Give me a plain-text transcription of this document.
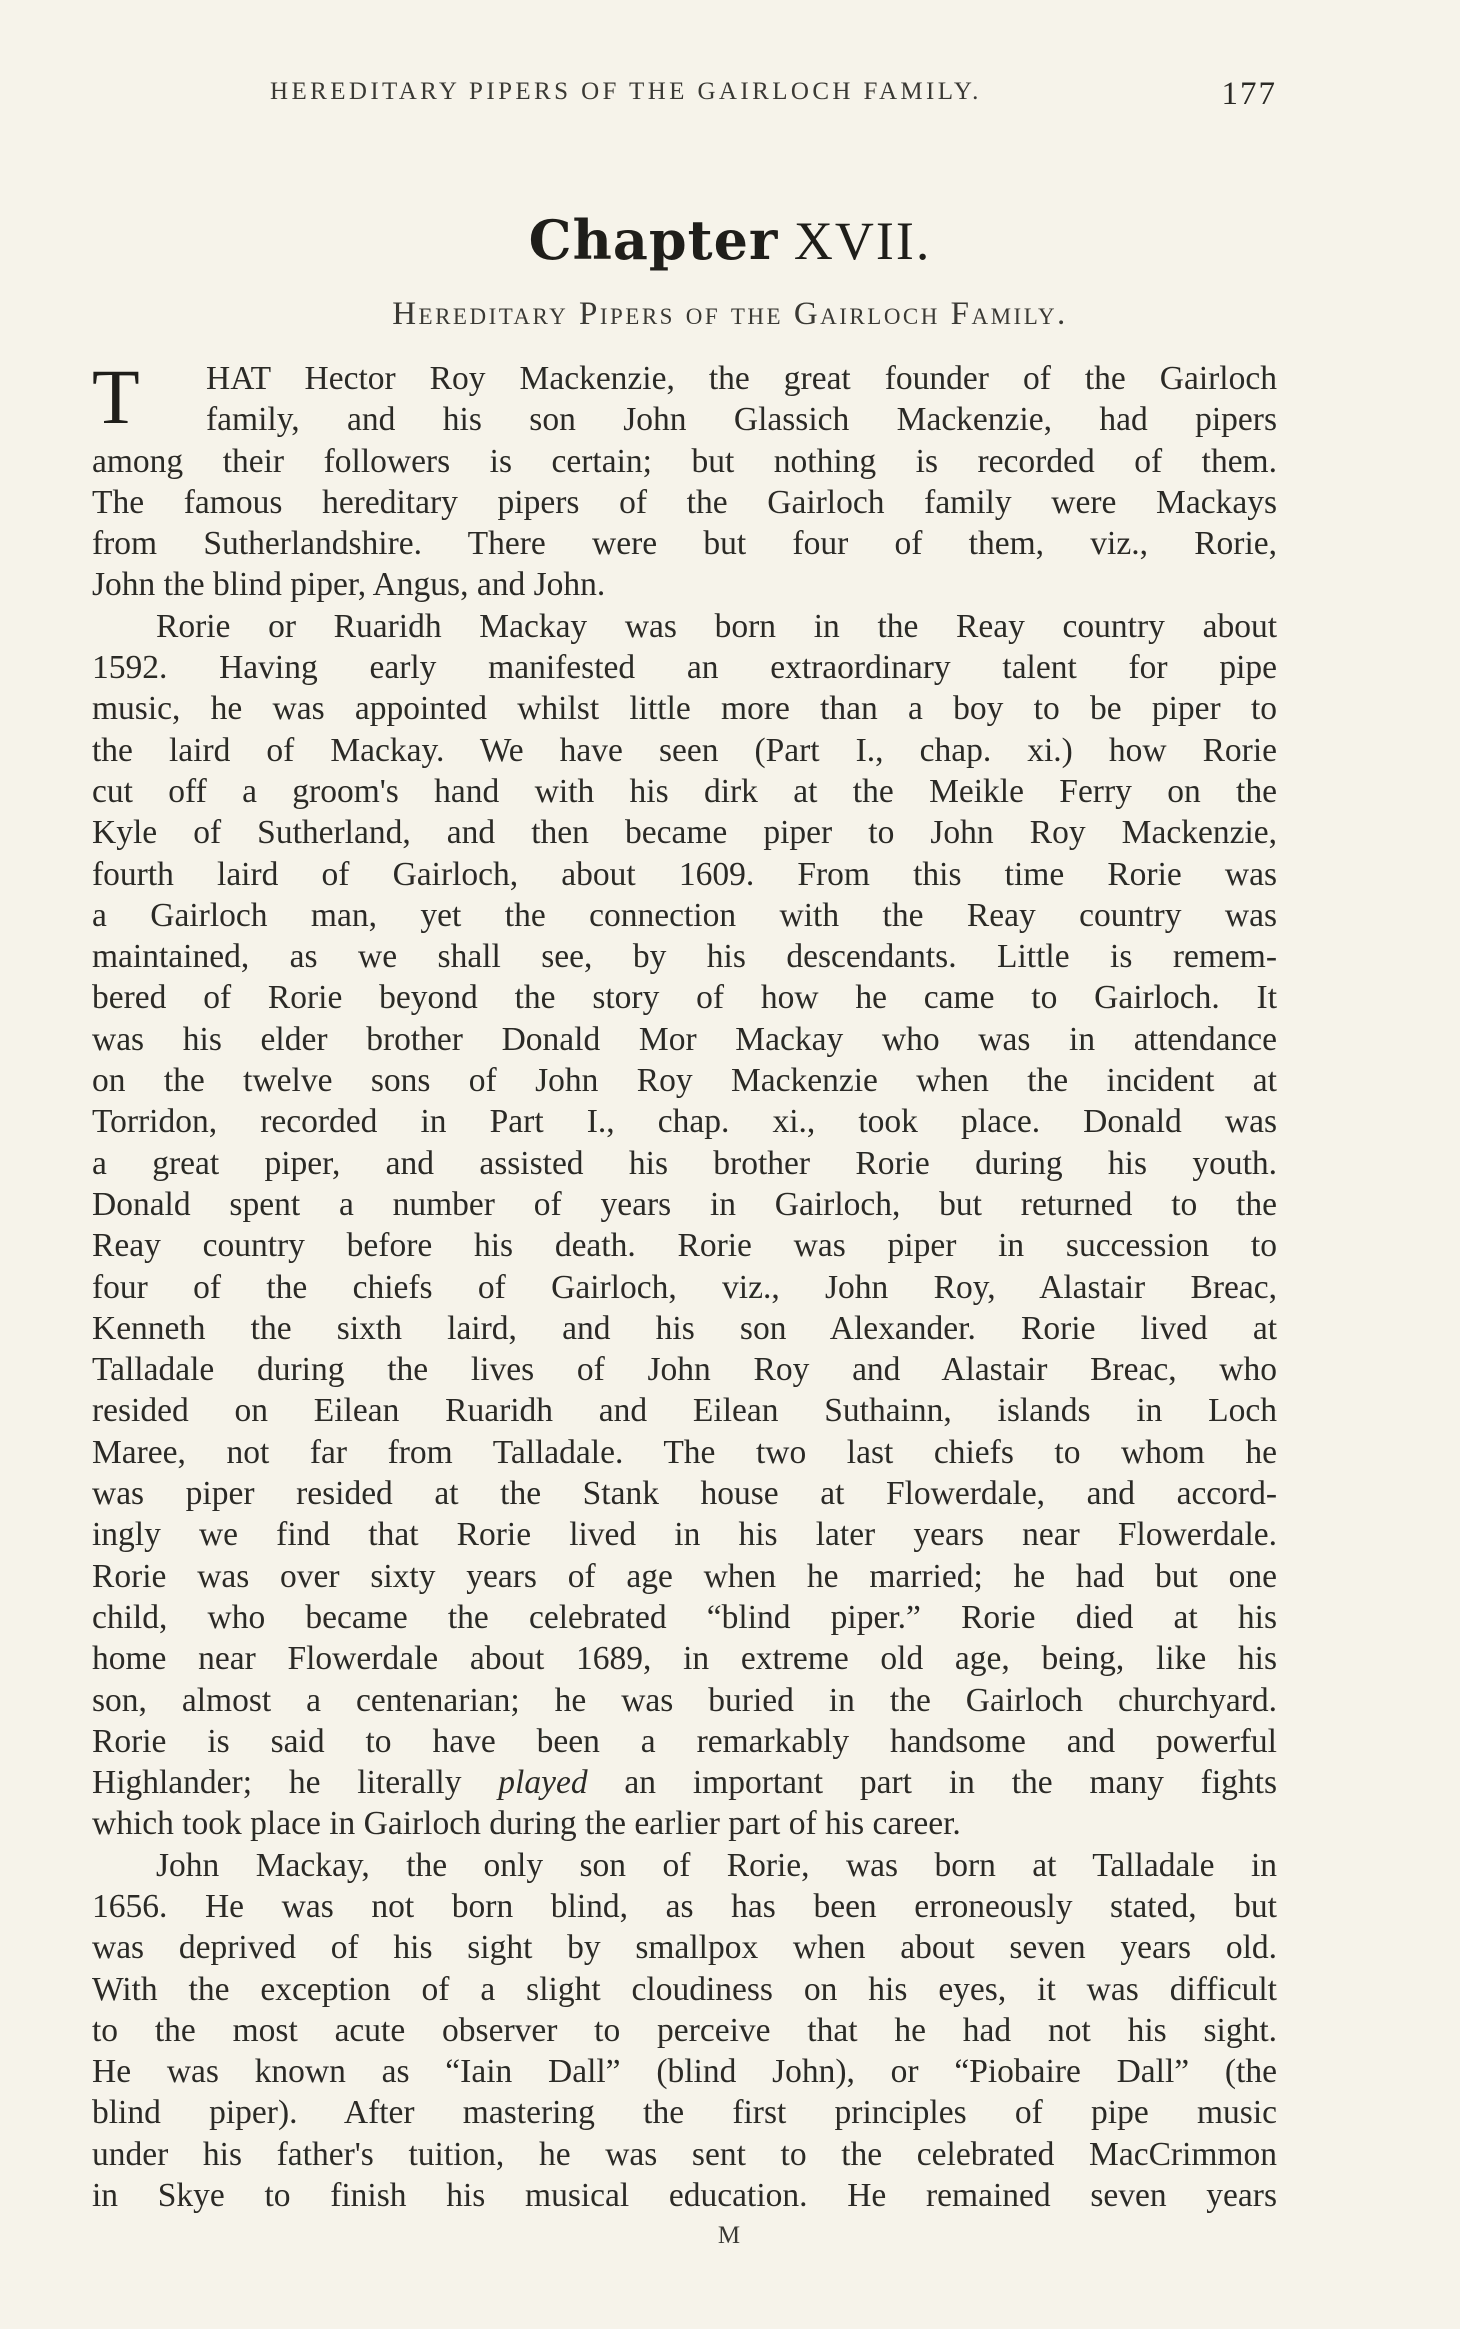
HEREDITARY PIPERS OF THE GAIRLOCH FAMILY.	177
Chapter XVII.
Hereditary Pipers of the Gairloch Family.
T	HAT Hector Roy Mackenzie, the great founder of the Gairloch
family, and his son John Glassich Mackenzie, had pipers
among their followers is certain; but nothing is recorded of them.
The famous hereditary pipers of the Gairloch family were Mackays
from Sutherlandshire. There were but four of them, viz., Rorie,
John the blind piper, Angus, and John.
Rorie or Ruaridh Mackay was born in the Reay country about
1592. Having early manifested an extraordinary talent for pipe
music, he was appointed whilst little more than a boy to be piper to
the laird of Mackay. We have seen (Part I., chap. xi.) how Rorie
cut off a groom's hand with his dirk at the Meikle Ferry on the
Kyle of Sutherland, and then became piper to John Roy Mackenzie,
fourth laird of Gairloch, about 1609. From this time Rorie was
a Gairloch man, yet the connection with the Reay country was
maintained, as we shall see, by his descendants. Little is remem-
bered of Rorie beyond the story of how he came to Gairloch. It
was his elder brother Donald Mor Mackay who was in attendance
on the twelve sons of John Roy Mackenzie when the incident at
Torridon, recorded in Part I., chap. xi., took place. Donald was
a great piper, and assisted his brother Rorie during his youth.
Donald spent a number of years in Gairloch, but returned to the
Reay country before his death. Rorie was piper in succession to
four of the chiefs of Gairloch, viz., John Roy, Alastair Breac,
Kenneth the sixth laird, and his son Alexander. Rorie lived at
Talladale during the lives of John Roy and Alastair Breac, who
resided on Eilean Ruaridh and Eilean Suthainn, islands in Loch
Maree, not far from Talladale. The two last chiefs to whom he
was piper resided at the Stank house at Flowerdale, and accord-
ingly we find that Rorie lived in his later years near Flowerdale.
Rorie was over sixty years of age when he married; he had but one
child, who became the celebrated “blind piper.” Rorie died at his
home near Flowerdale about 1689, in extreme old age, being, like his
son, almost a centenarian; he was buried in the Gairloch churchyard.
Rorie is said to have been a remarkably handsome and powerful
Highlander; he literally played an important part in the many fights
which took place in Gairloch during the earlier part of his career.
John Mackay, the only son of Rorie, was born at Talladale in
1656. He was not born blind, as has been erroneously stated, but
was deprived of his sight by smallpox when about seven years old.
With the exception of a slight cloudiness on his eyes, it was difficult
to the most acute observer to perceive that he had not his sight.
He was known as “Iain Dall” (blind John), or “Piobaire Dall” (the
blind piper). After mastering the first principles of pipe music
under his father's tuition, he was sent to the celebrated MacCrimmon
in Skye to finish his musical education. He remained seven years
M
